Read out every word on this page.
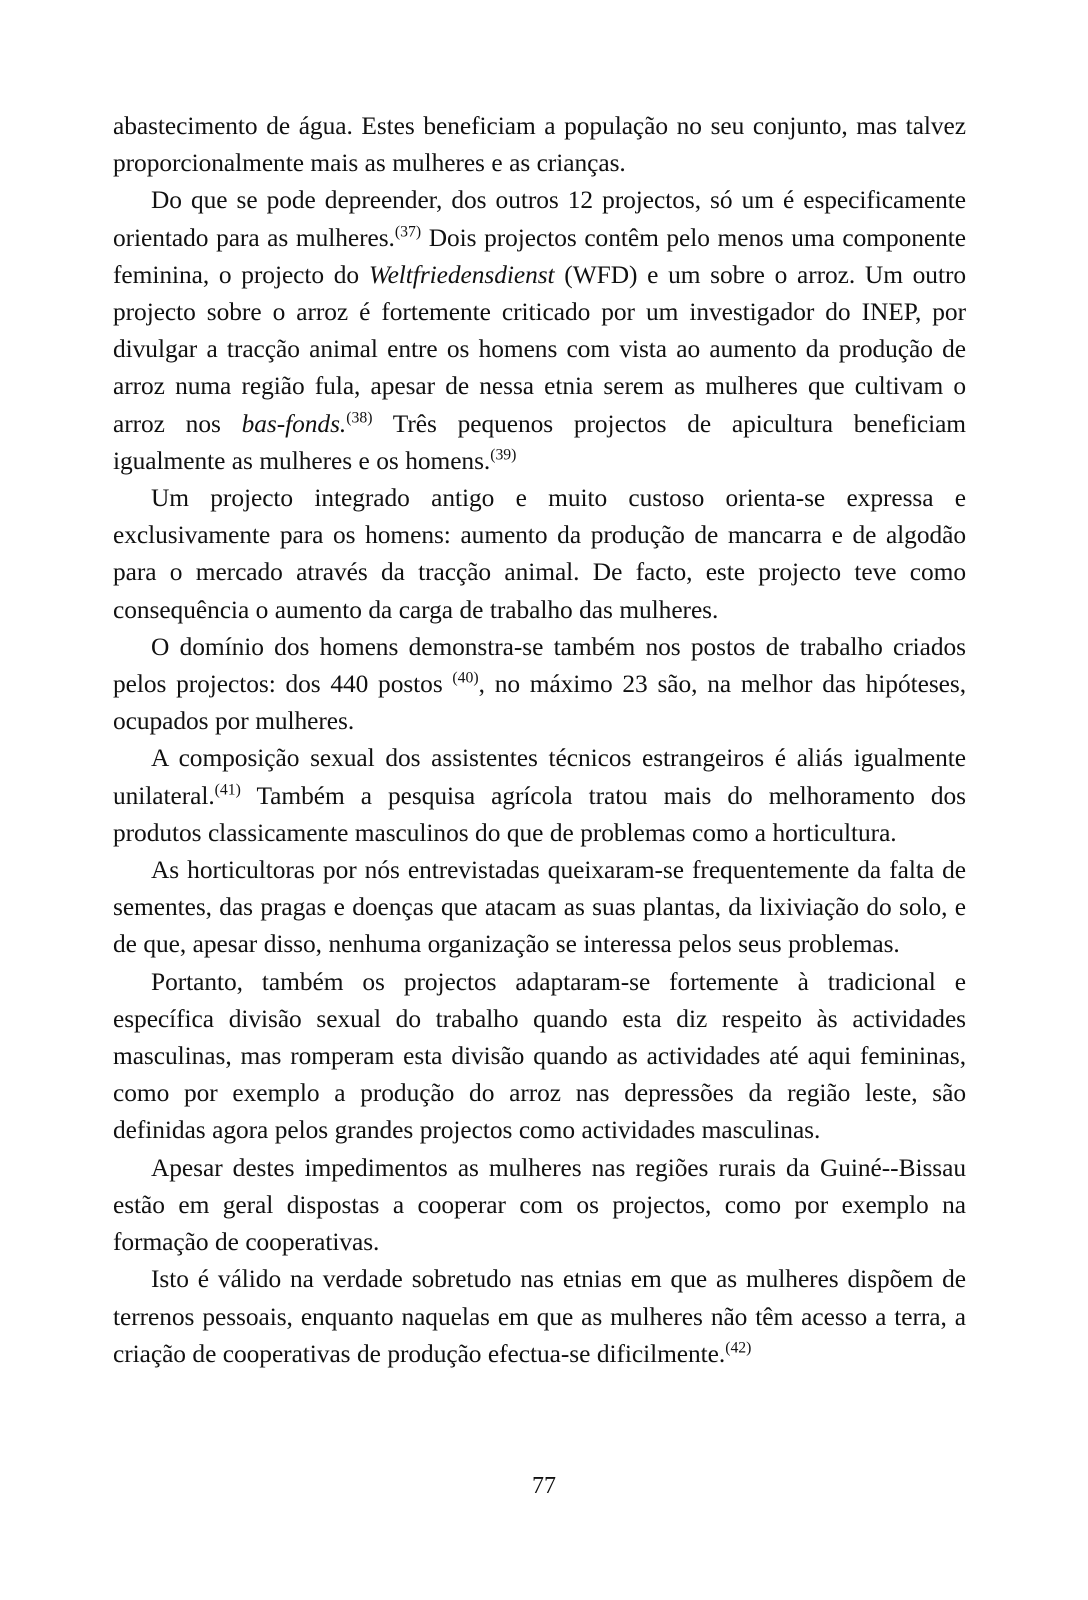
abastecimento de água. Estes beneficiam a população no seu conjunto, mas talvez proporcionalmente mais as mulheres e as crianças.

Do que se pode depreender, dos outros 12 projectos, só um é especificamente orientado para as mulheres.$^{(37)}$ Dois projectos contêm pelo menos uma componente feminina, o projecto do Weltfriedensdienst (WFD) e um sobre o arroz. Um outro projecto sobre o arroz é fortemente criticado por um investigador do INEP, por divulgar a tracção animal entre os homens com vista ao aumento da produção de arroz numa região fula, apesar de nessa etnia serem as mulheres que cultivam o arroz nos bas-fonds.$^{(38)}$ Três pequenos projectos de apicultura beneficiam igualmente as mulheres e os homens.$^{(39)}$

Um projecto integrado antigo e muito custoso orienta-se expressa e exclusivamente para os homens: aumento da produção de mancarra e de algodão para o mercado através da tracção animal. De facto, este projecto teve como consequência o aumento da carga de trabalho das mulheres.

O domínio dos homens demonstra-se também nos postos de trabalho criados pelos projectos: dos 440 postos $^{(40)}$, no máximo 23 são, na melhor das hipóteses, ocupados por mulheres.

A composição sexual dos assistentes técnicos estrangeiros é aliás igualmente unilateral.$^{(41)}$ Também a pesquisa agrícola tratou mais do melhoramento dos produtos classicamente masculinos do que de problemas como a horticultura.

As horticultoras por nós entrevistadas queixaram-se frequentemente da falta de sementes, das pragas e doenças que atacam as suas plantas, da lixiviação do solo, e de que, apesar disso, nenhuma organização se interessa pelos seus problemas.

Portanto, também os projectos adaptaram-se fortemente à tradicional e específica divisão sexual do trabalho quando esta diz respeito às actividades masculinas, mas romperam esta divisão quando as actividades até aqui femininas, como por exemplo a produção do arroz nas depressões da região leste, são definidas agora pelos grandes projectos como actividades masculinas.

Apesar destes impedimentos as mulheres nas regiões rurais da Guiné--Bissau estão em geral dispostas a cooperar com os projectos, como por exemplo na formação de cooperativas.

Isto é válido na verdade sobretudo nas etnias em que as mulheres dispõem de terrenos pessoais, enquanto naquelas em que as mulheres não têm acesso a terra, a criação de cooperativas de produção efectua-se dificilmente.$^{(42)}$

77
